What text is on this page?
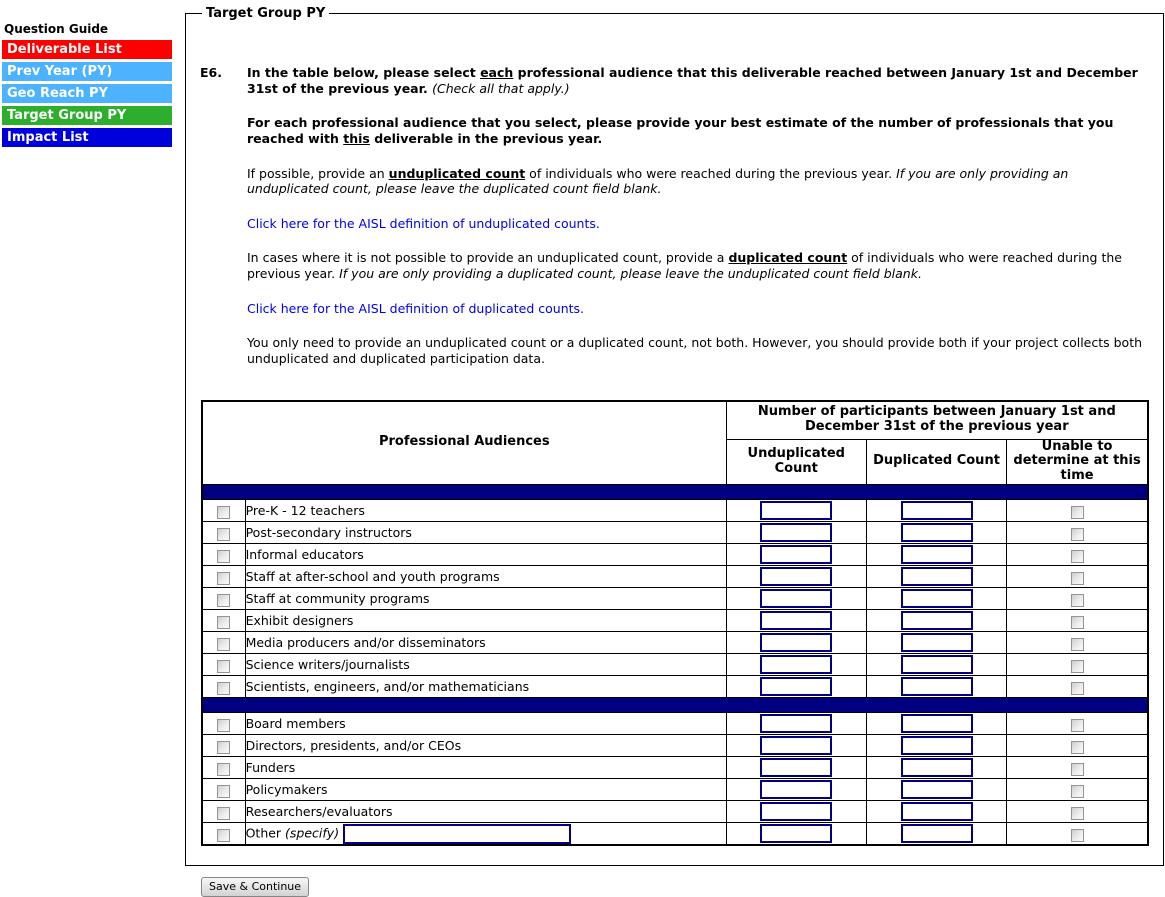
Question Guide
Deliverable List
Prev Year (PY)
Geo Reach PY
Target Group PY
Impact List
Target Group PY
E6.	In the table below, please select each professional audience that this deliverable reached between January 1st and December 31st of the previous year. (Check all that apply.)

For each professional audience that you select, please provide your best estimate of the number of professionals that you reached with this deliverable in the previous year.

If possible, provide an unduplicated count of individuals who were reached during the previous year. If you are only providing an unduplicated count, please leave the duplicated count field blank.

Click here for the AISL definition of unduplicated counts.

In cases where it is not possible to provide an unduplicated count, provide a duplicated count of individuals who were reached during the previous year. If you are only providing a duplicated count, please leave the unduplicated count field blank.

Click here for the AISL definition of duplicated counts.

You only need to provide an unduplicated count or a duplicated count, not both. However, you should provide both if your project collects both unduplicated and duplicated participation data.

Professional Audiences		Number of participants between January 1st and December 31st of the previous year		
		Unduplicated Count	Duplicated Count	Unable to determine at this time

	Pre-K - 12 teachers			
	Post-secondary instructors			
	Informal educators			
	Staff at after-school and youth programs			
	Staff at community programs			
	Exhibit designers			
	Media producers and/or disseminators			
	Science writers/journalists			
	Scientists, engineers, and/or mathematicians			

	Board members			
	Directors, presidents, and/or CEOs			
	Funders			
	Policymakers			
	Researchers/evaluators			
	Other (specify)			
Save & Continue
